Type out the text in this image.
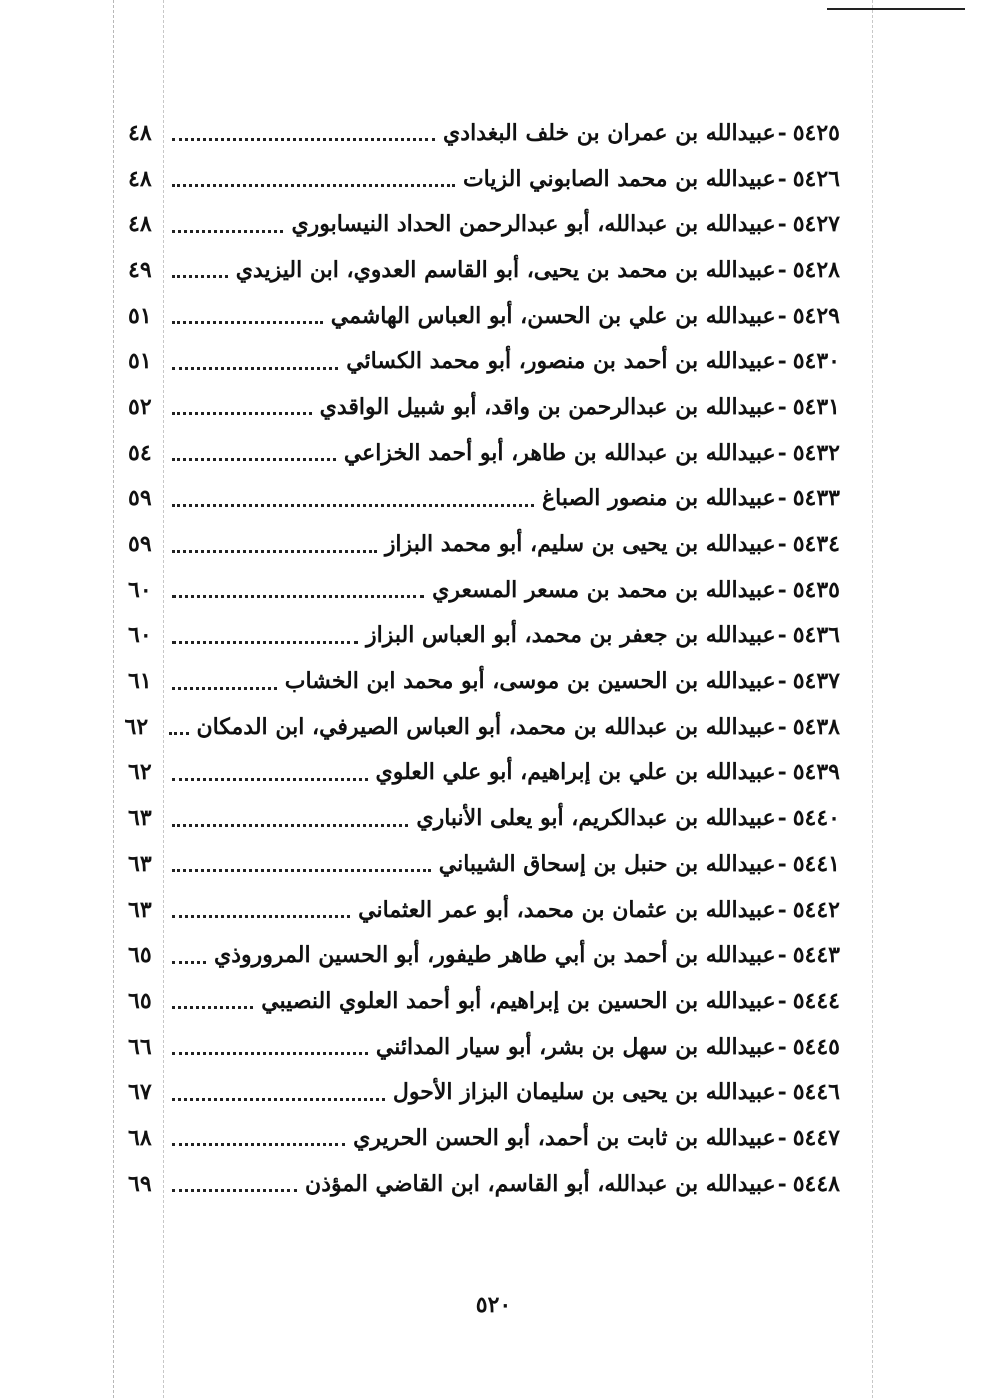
٥٤٢٥
-
عبيدالله بن عمران بن خلف البغدادي
٤٨
٥٤٢٦
-
عبيدالله بن محمد الصابوني الزيات
٤٨
٥٤٢٧
-
عبيدالله بن عبدالله، أبو عبدالرحمن الحداد النيسابوري
٤٨
٥٤٢٨
-
عبيدالله بن محمد بن يحيى، أبو القاسم العدوي، ابن اليزيدي
٤٩
٥٤٢٩
-
عبيدالله بن علي بن الحسن، أبو العباس الهاشمي
٥١
٥٤٣٠
-
عبيدالله بن أحمد بن منصور، أبو محمد الكسائي
٥١
٥٤٣١
-
عبيدالله بن عبدالرحمن بن واقد، أبو شبيل الواقدي
٥٢
٥٤٣٢
-
عبيدالله بن عبدالله بن طاهر، أبو أحمد الخزاعي
٥٤
٥٤٣٣
-
عبيدالله بن منصور الصباغ
٥٩
٥٤٣٤
-
عبيدالله بن يحيى بن سليم، أبو محمد البزاز
٥٩
٥٤٣٥
-
عبيدالله بن محمد بن مسعر المسعري
٦٠
٥٤٣٦
-
عبيدالله بن جعفر بن محمد، أبو العباس البزاز
٦٠
٥٤٣٧
-
عبيدالله بن الحسين بن موسى، أبو محمد ابن الخشاب
٦١
٥٤٣٨
-
عبيدالله بن عبدالله بن محمد، أبو العباس الصيرفي، ابن الدمكان
٦٢
٥٤٣٩
-
عبيدالله بن علي بن إبراهيم، أبو علي العلوي
٦٢
٥٤٤٠
-
عبيدالله بن عبدالكريم، أبو يعلى الأنباري
٦٣
٥٤٤١
-
عبيدالله بن حنبل بن إسحاق الشيباني
٦٣
٥٤٤٢
-
عبيدالله بن عثمان بن محمد، أبو عمر العثماني
٦٣
٥٤٤٣
-
عبيدالله بن أحمد بن أبي طاهر طيفور، أبو الحسين المروروذي
٦٥
٥٤٤٤
-
عبيدالله بن الحسين بن إبراهيم، أبو أحمد العلوي النصيبي
٦٥
٥٤٤٥
-
عبيدالله بن سهل بن بشر، أبو سيار المدائني
٦٦
٥٤٤٦
-
عبيدالله بن يحيى بن سليمان البزاز الأحول
٦٧
٥٤٤٧
-
عبيدالله بن ثابت بن أحمد، أبو الحسن الحريري
٦٨
٥٤٤٨
-
عبيدالله بن عبدالله، أبو القاسم، ابن القاضي المؤذن
٦٩
٥٢٠
